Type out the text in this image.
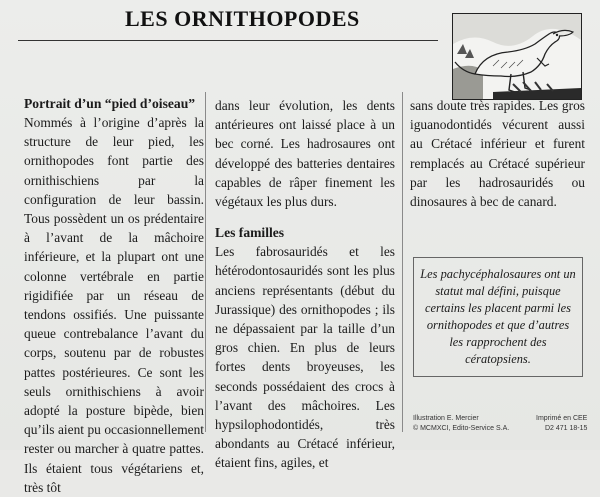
LES ORNITHOPODES
Portrait d’un “pied d’oiseau”

Nommés à l’origine d’après la structure de leur pied, les ornithopodes font partie des ornithischiens par la configuration de leur bassin. Tous possèdent un os prédentaire à l’avant de la mâchoire inférieure, et la plupart ont une colonne vertébrale en partie rigidifiée par un réseau de tendons ossifiés. Une puissante queue contrebalance l’avant du corps, soutenu par de robustes pattes postérieures. Ce sont les seuls ornithischiens à avoir adopté la posture bipède, bien qu’ils aient pu occasionnellement rester ou marcher à quatre pattes. Ils étaient tous végétariens et, très tôt

dans leur évolution, les dents antérieures ont laissé place à un bec corné. Les hadrosaures ont développé des batteries dentaires capables de râper finement les végétaux les plus durs.

Les familles

Les fabrosauridés et les hétérodontosauridés sont les plus anciens représentants (début du Jurassique) des ornithopodes ; ils ne dépassaient par la taille d’un gros chien. En plus de leurs fortes dents broyeuses, les seconds possédaient des crocs à l’avant des mâchoires. Les hypsilophodontidés, très abondants au Crétacé inférieur, étaient fins, agiles, et

sans doute très rapides. Les gros iguanodontidés vécurent aussi au Crétacé inférieur et furent remplacés au Crétacé supérieur par les hadrosauridés ou dinosaures à bec de canard.

Les pachycéphalosaures ont un statut mal défini, puisque certains les placent parmi les ornithopodes et que d’autres les rapprochent des cératopsiens.
Illustration E. Mercier
© MCMXCI, Edito-Service S.A.
Imprimé en CEE
D2 471 18-15
